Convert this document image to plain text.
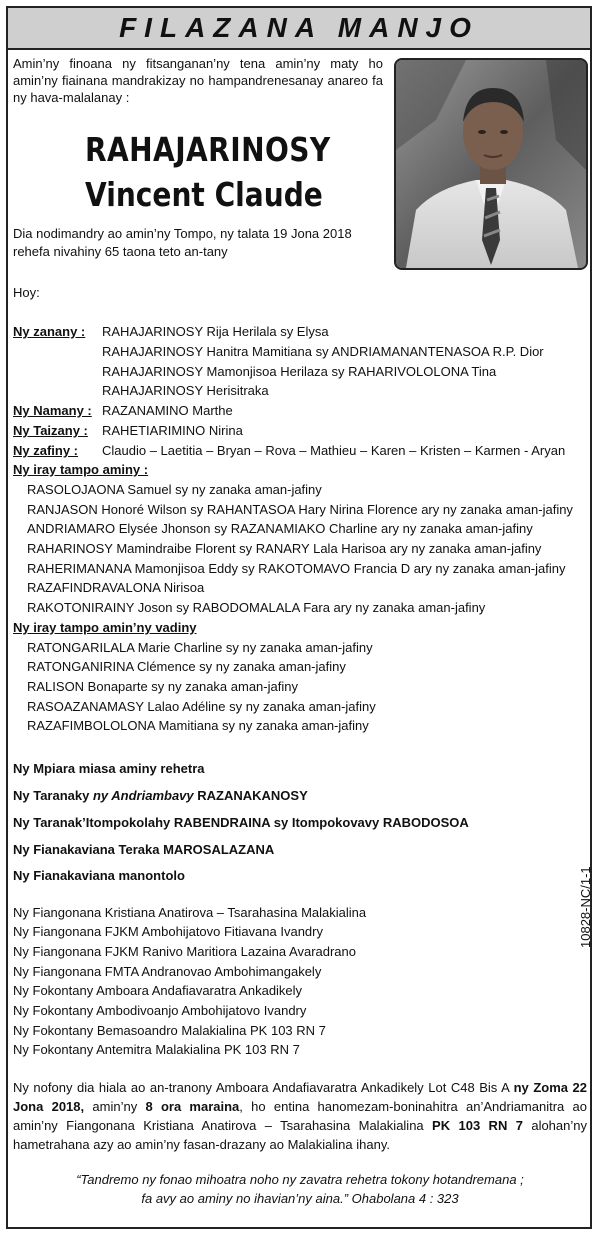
FILAZANA MANJO
Amin’ny finoana ny fitsanganan’ny tena amin’ny maty ho amin’ny fiainana mandrakizay no hampandrenesanay anareo fa ny hava-malalanay :
RAHAJARINOSY
Vincent Claude
Dia nodimandry ao amin’ny Tompo, ny talata 19 Jona 2018 rehefa nivahiny 65 taona teto an-tany
Hoy:
Ny zanany : RAHAJARINOSY Rija Herilala sy Elysa
RAHAJARINOSY Hanitra Mamitiana sy ANDRIAMANANTENASOA R.P. Dior
RAHAJARINOSY Mamonjisoa Herilaza sy RAHARIVOLOLONA Tina
RAHAJARINOSY Herisitraka
Ny Namany : RAZANAMINO Marthe
Ny Taizany : RAHETIARIMINO Nirina
Ny zafiny : Claudio – Laetitia – Bryan – Rova – Mathieu – Karen – Kristen – Karmen - Aryan
Ny iray tampo aminy :
RASOLOJAONA Samuel sy ny zanaka aman-jafiny
RANJASON Honoré Wilson sy RAHANTASOA Hary Nirina Florence ary ny zanaka aman-jafiny
ANDRIAMARO Elysée Jhonson sy RAZANAMIAKO Charline ary ny zanaka aman-jafiny
RAHARINOSY Mamindraibe Florent sy RANARY Lala Harisoa ary ny zanaka aman-jafiny
RAHERIMANANA Mamonjisoa Eddy sy RAKOTOMAVO Francia D ary ny zanaka aman-jafiny
RAZAFINDRAVALONA Nirisoa
RAKOTONIRAINY Joson sy RABODOMALALA Fara ary ny zanaka aman-jafiny
Ny iray tampo amin’ny vadiny
RATONGARILALA Marie Charline sy ny zanaka aman-jafiny
RATONGANIRINA Clémence sy ny zanaka aman-jafiny
RALISON Bonaparte sy ny zanaka aman-jafiny
RASOAZANAMASY Lalao Adéline sy ny zanaka aman-jafiny
RAZAFIMBOLOLONA Mamitiana sy ny zanaka aman-jafiny
Ny Mpiara miasa aminy rehetra
Ny Taranaky ny Andriambavy RAZANAKANOSY
Ny Taranak’Itompokolahy RABENDRAINA sy Itompokovavy RABODOSOA
Ny Fianakaviana Teraka MAROSALAZANA
Ny Fianakaviana manontolo
Ny Fiangonana Kristiana Anatirova – Tsarahasina Malakialina
Ny Fiangonana FJKM Ambohijatovo Fitiavana Ivandry
Ny Fiangonana FJKM Ranivo Maritiora Lazaina Avaradrano
Ny Fiangonana FMTA Andranovao Ambohimangakely
Ny Fokontany Amboara Andafiavaratra Ankadikely
Ny Fokontany Ambodivoanjo Ambohijatovo Ivandry
Ny Fokontany Bemasoandro Malakialina PK 103 RN 7
Ny Fokontany Antemitra Malakialina PK 103 RN 7
10828-NC/1-1
Ny nofony dia hiala ao an-tranony Amboara Andafiavaratra Ankadikely Lot C48 Bis A ny Zoma 22 Jona 2018, amin’ny 8 ora maraina, ho entina hanomezam-boninahitra an’Andriamanitra ao amin’ny Fiangonana Kristiana Anatirova – Tsarahasina Malakialina PK 103 RN 7 alohan’ny hametrahana azy ao amin’ny fasan-drazany ao Malakialina ihany.
“Tandremo ny fonao mihoatra noho ny zavatra rehetra tokony hotandremana ;
fa avy ao aminy no ihavian’ny aina.” Ohabolana 4 : 323
